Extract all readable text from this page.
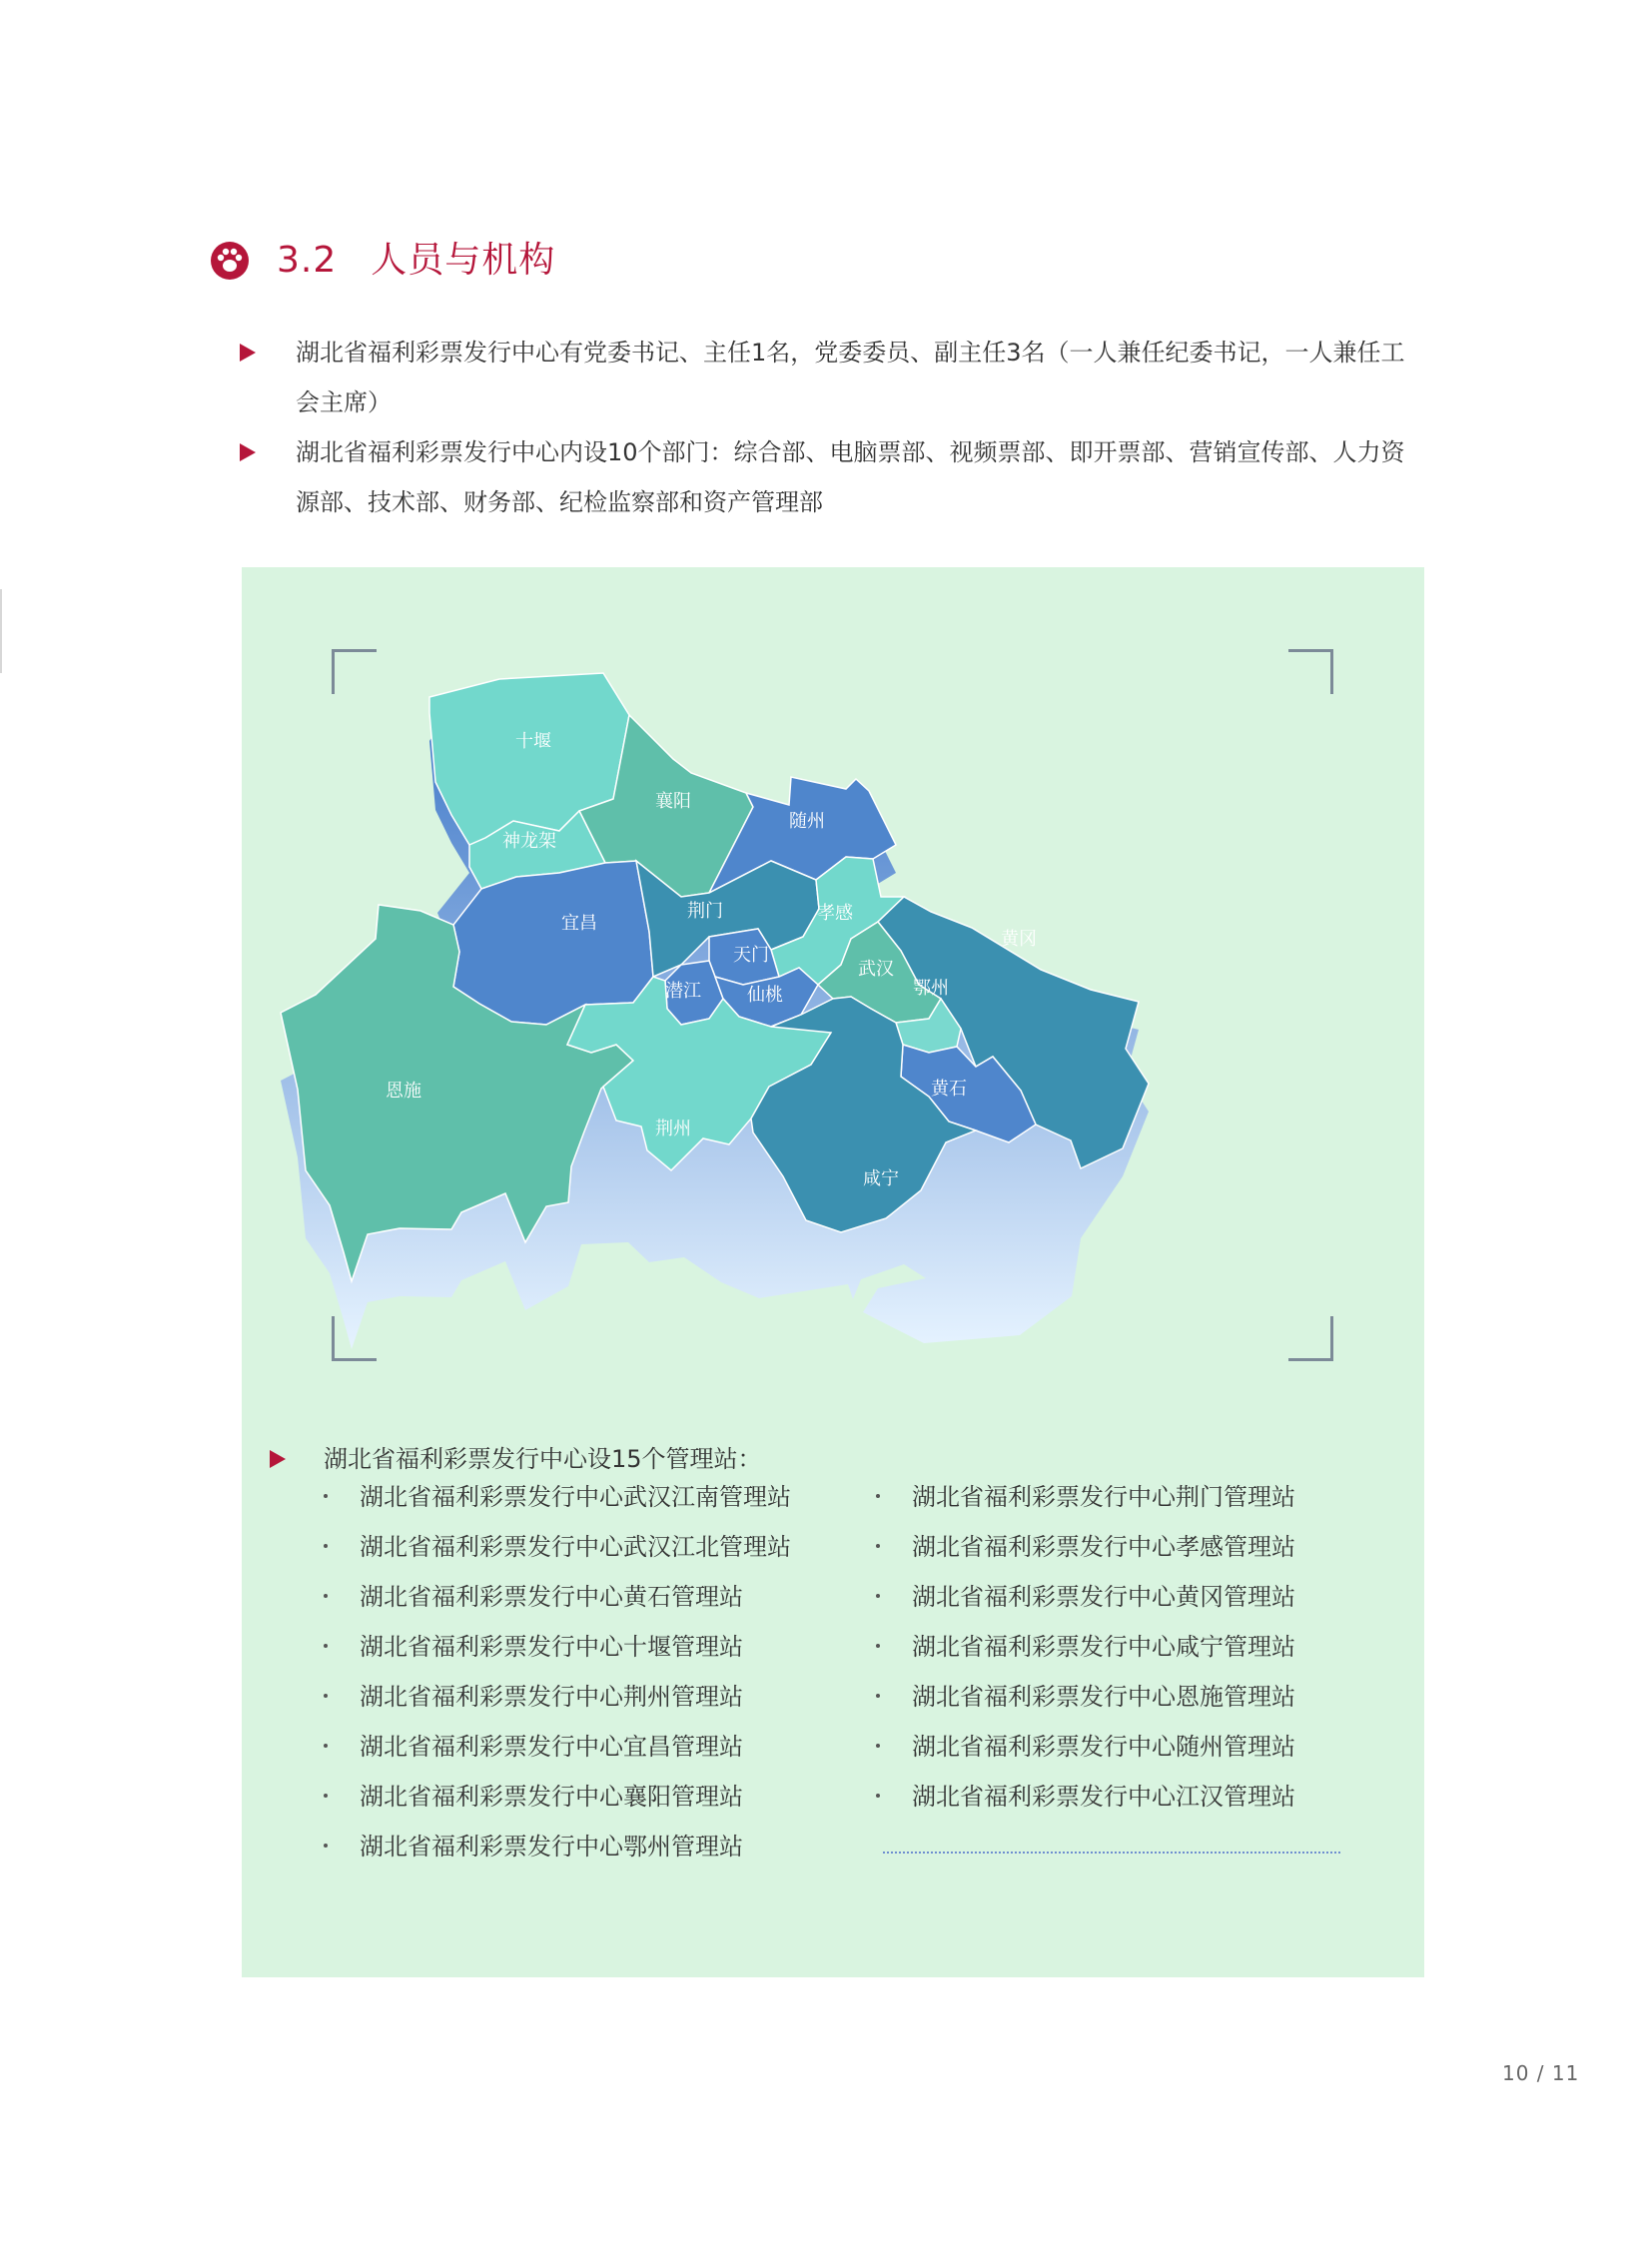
3.2 人员与机构
湖北省福利彩票发行中心有党委书记、主任1名，党委委员、副主任3名（一人兼任纪委书记，一人兼任工会主席）
湖北省福利彩票发行中心内设10个部门：综合部、电脑票部、视频票部、即开票部、营销宣传部、人力资源部、技术部、财务部、纪检监察部和资产管理部
十堰
襄阳
随州
神龙架
宜昌
荆门	孝感
黄冈
恩施
天门
武汉
鄂州
潜江	仙桃
荆州
黄石
咸宁
湖北省福利彩票发行中心设15个管理站：
湖北省福利彩票发行中心武汉江南管理站
湖北省福利彩票发行中心武汉江北管理站
湖北省福利彩票发行中心黄石管理站
湖北省福利彩票发行中心十堰管理站
湖北省福利彩票发行中心荆州管理站
湖北省福利彩票发行中心宜昌管理站
湖北省福利彩票发行中心襄阳管理站
湖北省福利彩票发行中心鄂州管理站
湖北省福利彩票发行中心荆门管理站
湖北省福利彩票发行中心孝感管理站
湖北省福利彩票发行中心黄冈管理站
湖北省福利彩票发行中心咸宁管理站
湖北省福利彩票发行中心恩施管理站
湖北省福利彩票发行中心随州管理站
湖北省福利彩票发行中心江汉管理站
10 / 11
